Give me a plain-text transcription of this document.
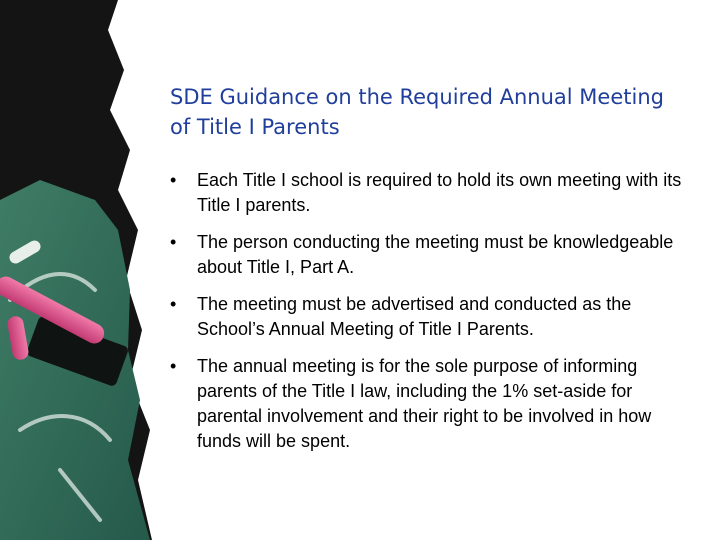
SDE Guidance on the Required Annual Meeting of Title I Parents
•	Each Title I school is required to hold its own meeting with its Title I parents.
•	The person conducting the meeting must be knowledgeable about Title I, Part A.
•	The meeting must be advertised and conducted as the School’s Annual Meeting of Title I Parents.
•	The annual meeting is for the sole purpose of informing parents of the Title I law, including the 1% set-aside for parental involvement and their right to be involved in how funds will be spent.
